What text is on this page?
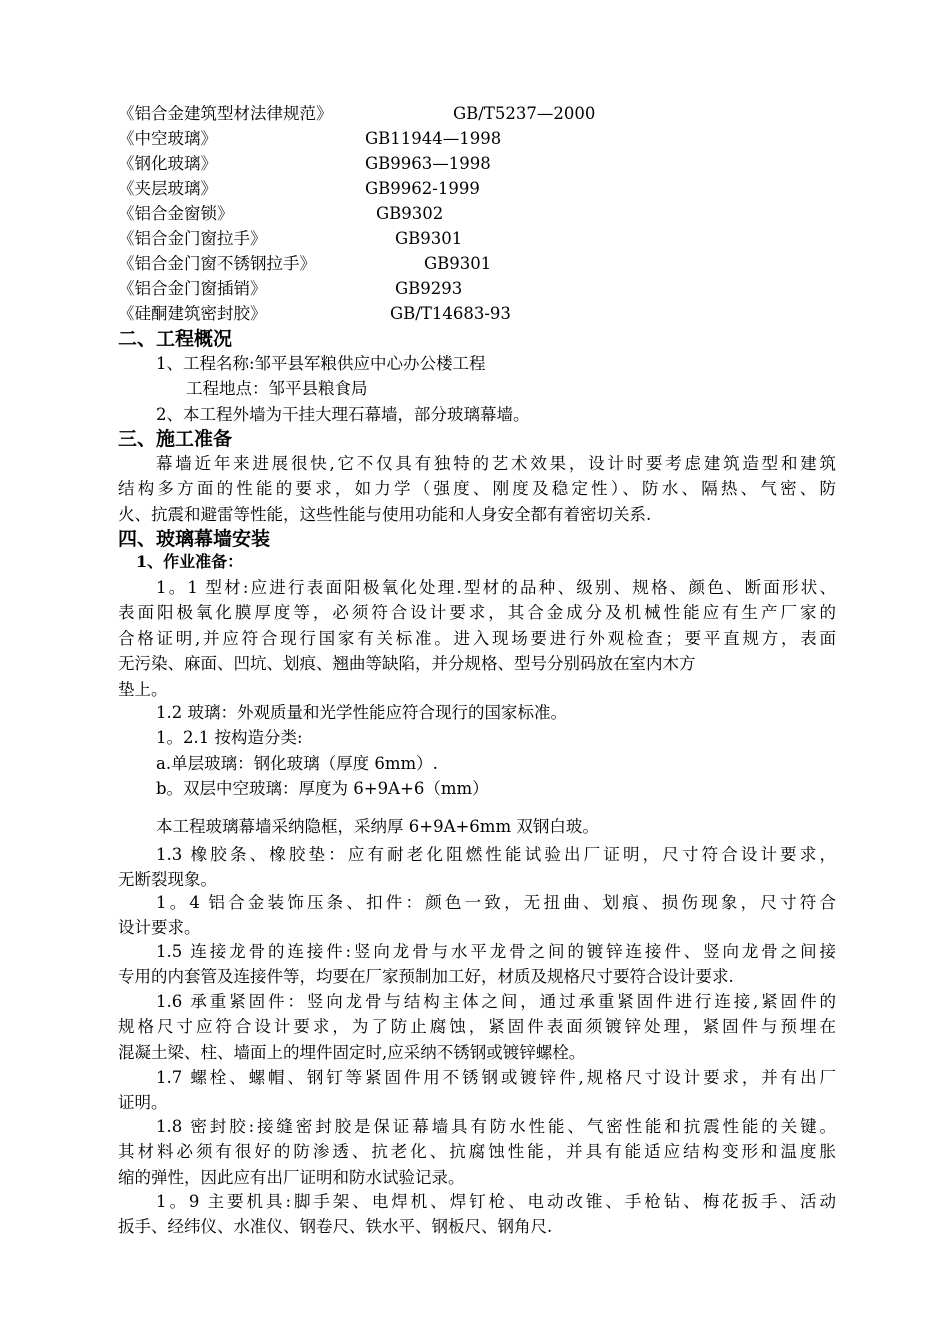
《铝合金建筑型材法律规范》	GB/T5237—2000
《中空玻璃》	GB11944—1998
《钢化玻璃》	GB9963—1998
《夹层玻璃》	GB9962-1999
《铝合金窗锁》	GB9302
《铝合金门窗拉手》	GB9301
《铝合金门窗不锈钢拉手》	GB9301
《铝合金门窗插销》	GB9293
《硅酮建筑密封胶》	GB/T14683-93
二、工程概况
1、工程名称:邹平县军粮供应中心办公楼工程
工程地点：邹平县粮食局
2、本工程外墙为干挂大理石幕墙，部分玻璃幕墙。
三、施工准备
幕墙近年来进展很快,它不仅具有独特的艺术效果，设计时要考虑建筑造型和建筑
结构多方面的性能的要求，如力学（强度、刚度及稳定性）、防水、隔热、气密、防
火、抗震和避雷等性能，这些性能与使用功能和人身安全都有着密切关系.
四、玻璃幕墙安装
1、作业准备：
1。1 型材:应进行表面阳极氧化处理.型材的品种、级别、规格、颜色、断面形状、
表面阳极氧化膜厚度等，必须符合设计要求，其合金成分及机械性能应有生产厂家的
合格证明,并应符合现行国家有关标准。进入现场要进行外观检查；要平直规方，表面
无污染、麻面、凹坑、划痕、翘曲等缺陷，并分规格、型号分别码放在室内木方
垫上。
1.2 玻璃：外观质量和光学性能应符合现行的国家标准。
1。2.1 按构造分类:
a.单层玻璃：钢化玻璃（厚度 6mm）.
b。双层中空玻璃：厚度为 6+9A+6（mm）
本工程玻璃幕墙采纳隐框，采纳厚 6+9A+6mm 双钢白玻。
1.3 橡胶条、橡胶垫：应有耐老化阻燃性能试验出厂证明，尺寸符合设计要求，
无断裂现象。
1。4 铝合金装饰压条、扣件：颜色一致，无扭曲、划痕、损伤现象，尺寸符合
设计要求。
1.5 连接龙骨的连接件:竖向龙骨与水平龙骨之间的镀锌连接件、竖向龙骨之间接
专用的内套管及连接件等，均要在厂家预制加工好，材质及规格尺寸要符合设计要求.
1.6 承重紧固件：竖向龙骨与结构主体之间，通过承重紧固件进行连接,紧固件的
规格尺寸应符合设计要求，为了防止腐蚀，紧固件表面须镀锌处理，紧固件与预埋在
混凝土梁、柱、墙面上的埋件固定时,应采纳不锈钢或镀锌螺栓。
1.7 螺栓、螺帽、钢钉等紧固件用不锈钢或镀锌件,规格尺寸设计要求，并有出厂
证明。
1.8 密封胶:接缝密封胶是保证幕墙具有防水性能、气密性能和抗震性能的关键。
其材料必须有很好的防渗透、抗老化、抗腐蚀性能，并具有能适应结构变形和温度胀
缩的弹性，因此应有出厂证明和防水试验记录。
1。9 主要机具:脚手架、电焊机、焊钉枪、电动改锥、手枪钻、梅花扳手、活动
扳手、经纬仪、水准仪、钢卷尺、铁水平、钢板尺、钢角尺.
